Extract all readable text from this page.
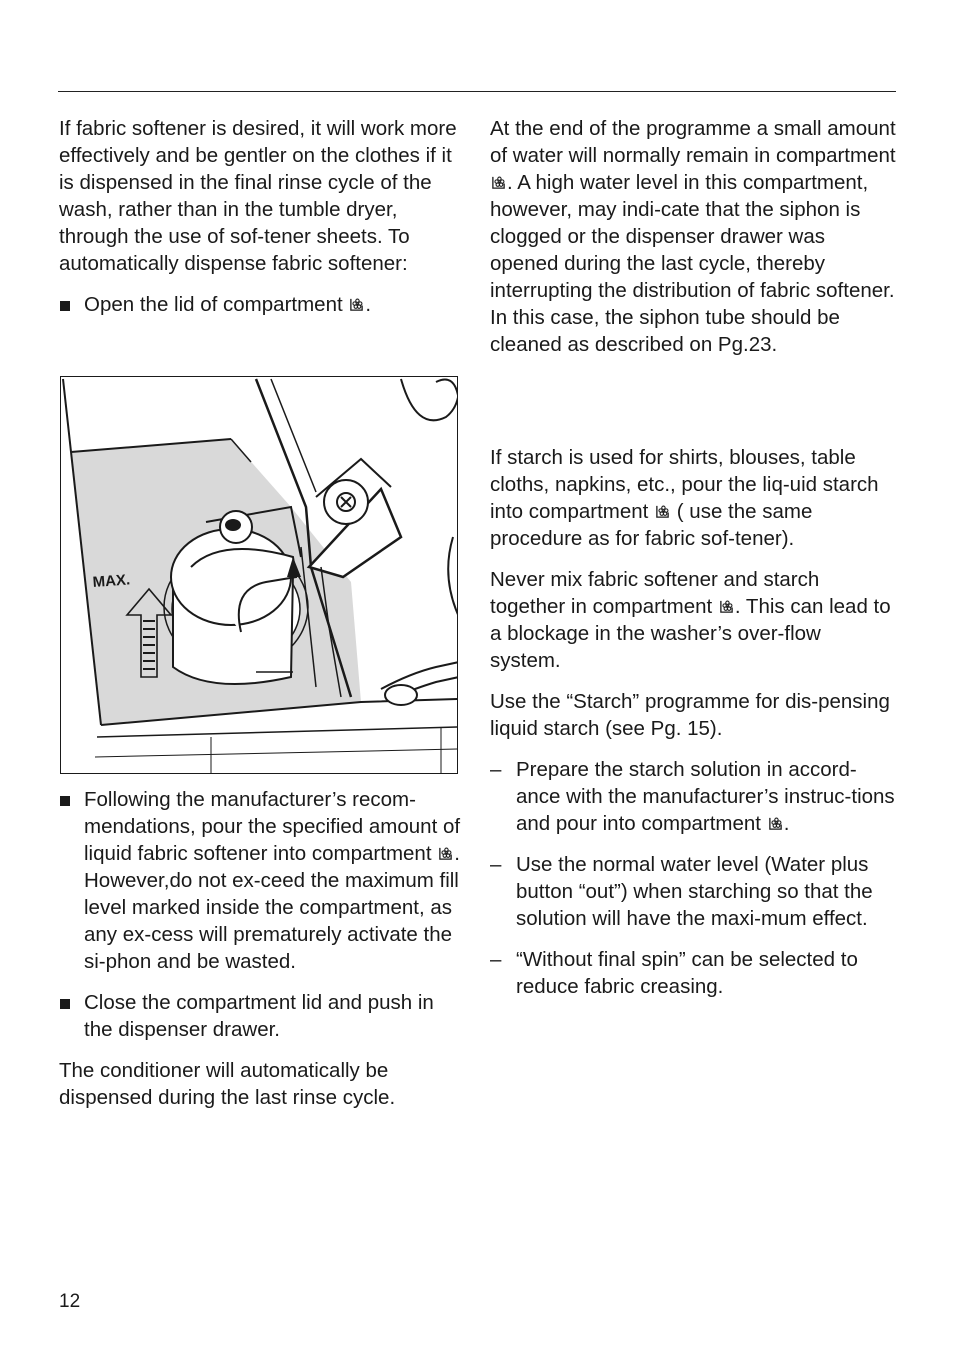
If fabric softener is desired, it will work more effectively and be gentler on the clothes if it is dispensed in the final rinse cycle of the wash, rather than in the tumble dryer, through the use of sof-tener sheets. To automatically dispense fabric softener:

Open the lid of compartment .
MAX.
Following the manufacturer’s recom-mendations, pour the specified amount of liquid fabric softener into compartment . However,do not ex-ceed the maximum fill level marked inside the compartment, as any ex-cess will prematurely activate the si-phon and be wasted.
Close the compartment lid and push in the dispenser drawer.

The conditioner will automatically be dispensed during the last rinse cycle.

At the end of the programme a small amount of water will normally remain in compartment . A high water level in this compartment, however, may indi-cate that the siphon is clogged or the dispenser drawer was opened during the last cycle, thereby interrupting the distribution of fabric softener. In this case, the siphon tube should be cleaned as described on Pg.23.

If starch is used for shirts, blouses, table cloths, napkins, etc., pour the liq-uid starch into compartment  ( use the same procedure as for fabric sof-tener).

Never mix fabric softener and starch together in compartment . This can lead to a blockage in the washer’s over-flow system.

Use the “Starch” programme for dis-pensing liquid starch (see Pg. 15).

– Prepare the starch solution in accord-ance with the manufacturer’s instruc-tions and pour into compartment .
– Use the normal water level (Water plus button “out”) when starching so that the solution will have the maxi-mum effect.
– “Without final spin” can be selected to reduce fabric creasing.
12
